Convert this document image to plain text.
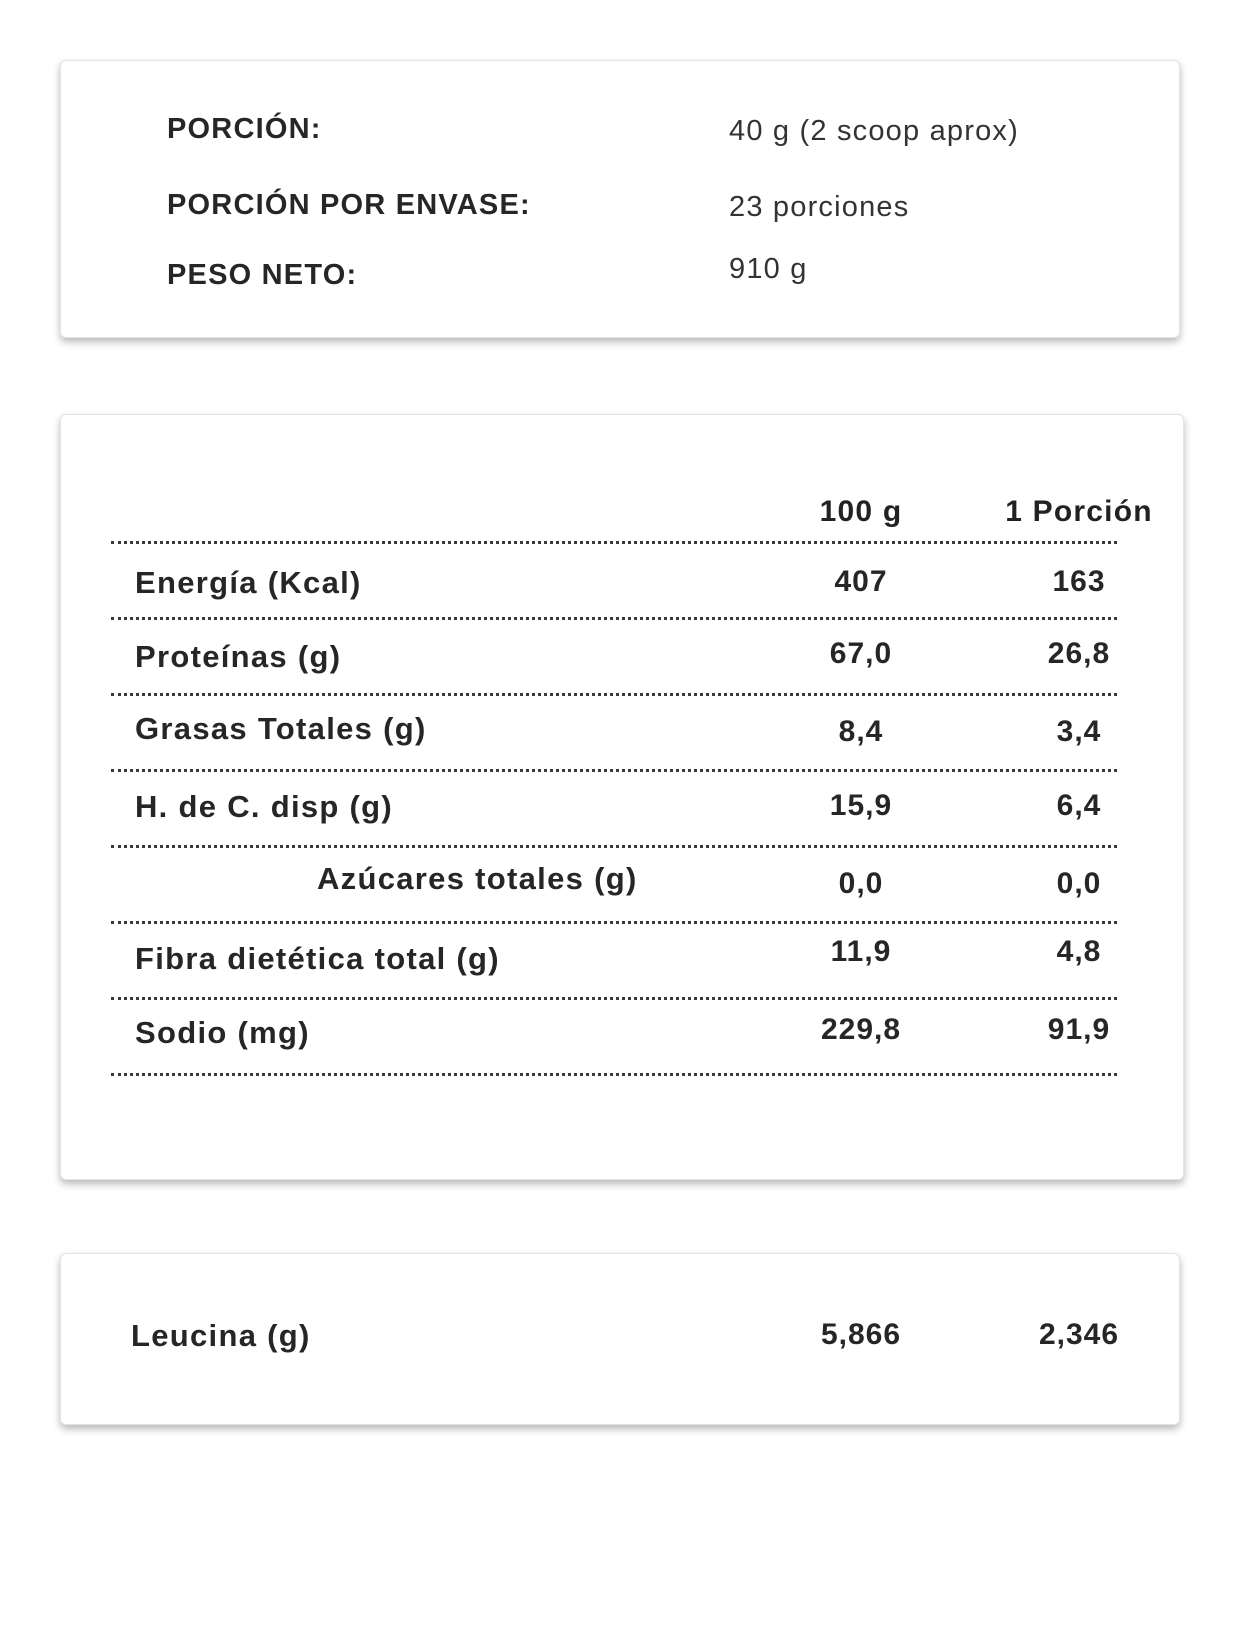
PORCIÓN:	40 g (2 scoop aprox)
PORCIÓN POR ENVASE:	23 porciones
PESO NETO:	910 g
100 g	1 Porción
Energía (Kcal)	407	163
Proteínas (g)	67,0	26,8
Grasas Totales (g)	8,4	3,4
H. de C. disp (g)	15,9	6,4
Azúcares totales (g)	0,0	0,0
Fibra dietética total (g)	11,9	4,8
Sodio (mg)	229,8	91,9
Leucina (g)	5,866	2,346
